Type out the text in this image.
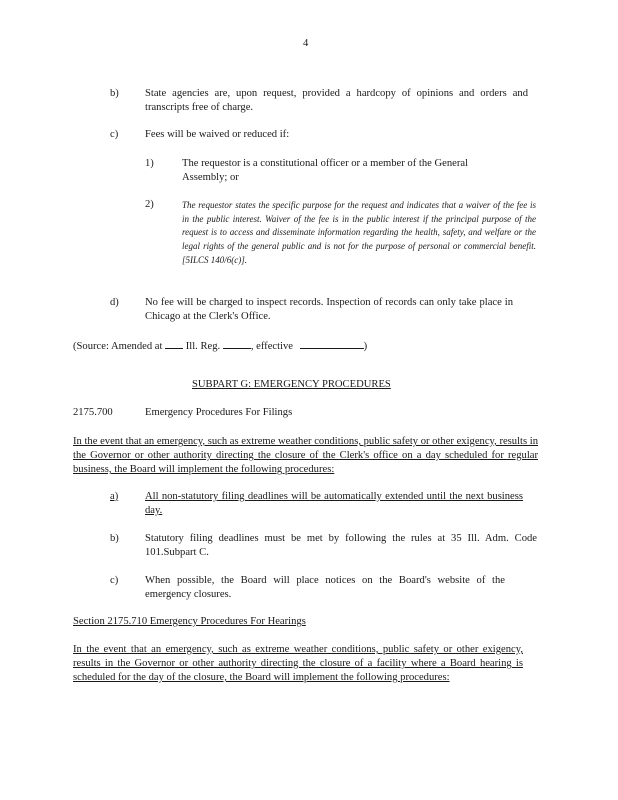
4
b) State agencies are, upon request, provided a hardcopy of opinions and orders and transcripts free of charge.

c)	Fees will be waived or reduced if:

1)	The requestor is a constitutional officer or a member of the General Assembly; or

2)	The requestor states the specific purpose for the request and indicates that a waiver of the fee is in the public interest. Waiver of the fee is in the public interest if the principal purpose of the request is to access and disseminate information regarding the health, safety, and welfare or the legal rights of the general public and is not for the purpose of personal or commercial benefit. [5ILCS 140/6(c)].

d) No fee will be charged to inspect records. Inspection of records can only take place in Chicago at the Clerk's Office.

(Source: Amended at Ill. Reg.	, effective	)
SUBPART G: EMERGENCY PROCEDURES
2175.700	Emergency Procedures For Filings

In the event that an emergency, such as extreme weather conditions, public safety or other exigency, results in the Governor or other authority directing the closure of the Clerk's office on a day scheduled for regular business, the Board will implement the following procedures:

a)	All non-statutory filing deadlines will be automatically extended until the next business day.

b) Statutory filing deadlines must be met by following the rules at 35 Ill. Adm. Code 101.Subpart C.

c)	When possible, the Board will place notices on the Board's website of the emergency closures.

Section 2175.710 Emergency Procedures For Hearings

In the event that an emergency, such as extreme weather conditions, public safety or other exigency, results in the Governor or other authority directing the closure of a facility where a Board hearing is scheduled for the day of the closure, the Board will implement the following procedures:
